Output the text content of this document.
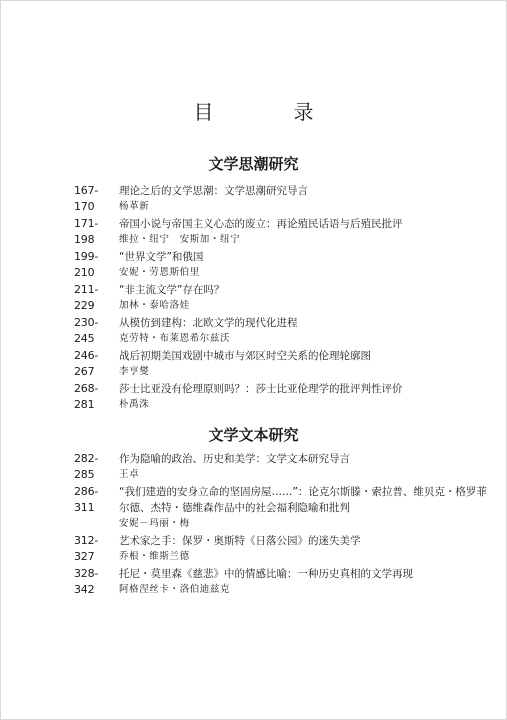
目　录
文学思潮研究
167-170
理论之后的文学思潮：文学思潮研究导言
杨革新
171-198
帝国小说与帝国主义心态的废立：再论殖民话语与后殖民批评
维拉・纽宁　安斯加・纽宁
199-210
“世界文学”和俄国
安妮・劳恩斯伯里
211-229
“非主流文学”存在吗？
加林・泰哈洛娃
230-245
从模仿到建构：北欧文学的现代化进程
克劳特・布莱恩希尔兹沃
246-267
战后初期美国戏剧中城市与郊区时空关系的伦理轮廓图
李亨燮
268-281
莎士比亚没有伦理原则吗？：莎士比亚伦理学的批评判性评价
朴禹洙
文学文本研究
282-285
作为隐喻的政治、历史和美学：文学文本研究导言
王卓
286-311
“我们建造的安身立命的坚固房屋……”：论克尔斯滕・索拉普、维贝克・格罗菲尔德、杰特・德维森作品中的社会福利隐喻和批判
安妮－玛丽・梅
312-327
艺术家之手：保罗・奥斯特《日落公园》的迷失美学
乔根・维斯兰德
328-342
托尼・莫里森《慈悲》中的情感比喻：一种历史真相的文学再现
阿格涅丝卡・洛伯迪兹克
